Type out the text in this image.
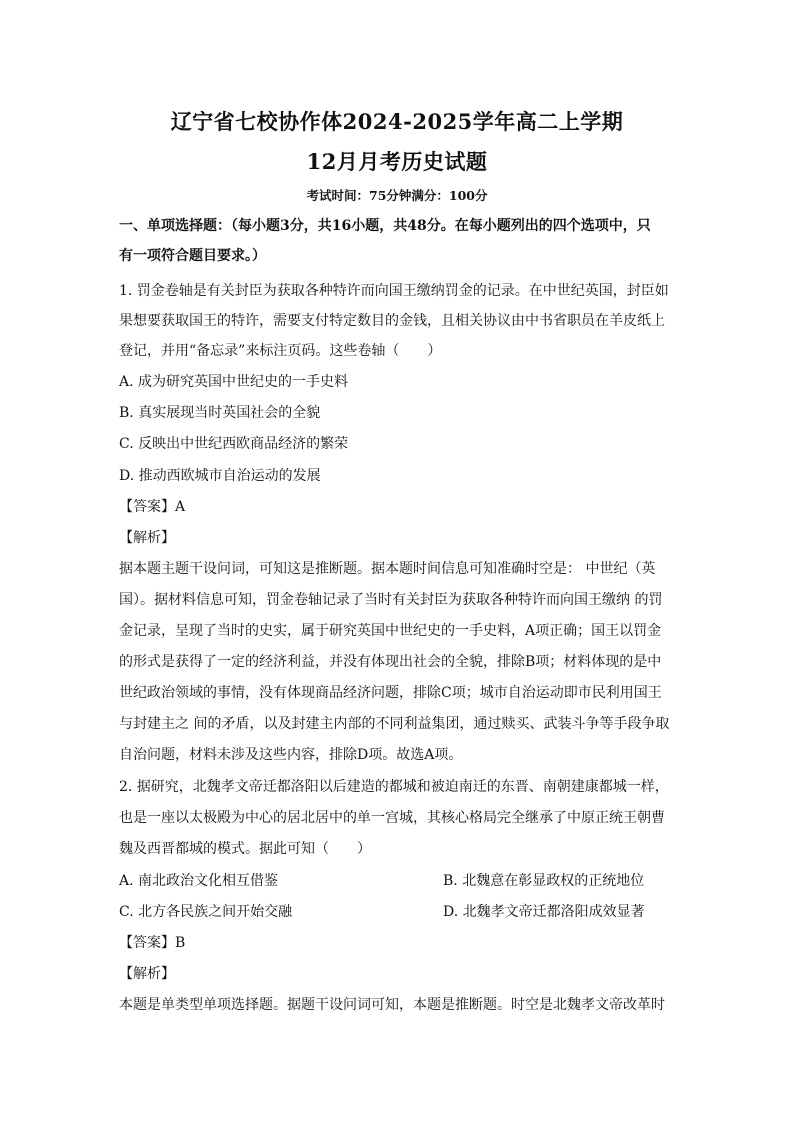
辽宁省七校协作体2024-2025学年高二上学期
12月月考历史试题
考试时间：75分钟满分：100分
一、单项选择题：（每小题3分，共16小题，共48分。在每小题列出的四个选项中，只
有一项符合题目要求。）
1. 罚金卷轴是有关封臣为获取各种特许而向国王缴纳罚金的记录。在中世纪英国，封臣如
果想要获取国王的特许，需要支付特定数目的金钱，且相关协议由中书省职员在羊皮纸上
登记，并用“备忘录”来标注页码。这些卷轴（　　）
A. 成为研究英国中世纪史的一手史料
B. 真实展现当时英国社会的全貌
C. 反映出中世纪西欧商品经济的繁荣
D. 推动西欧城市自治运动的发展
【答案】A
【解析】
据本题主题干设问词，可知这是推断题。据本题时间信息可知准确时空是： 中世纪（英
国）。据材料信息可知，罚金卷轴记录了当时有关封臣为获取各种特许而向国王缴纳 的罚
金记录，呈现了当时的史实，属于研究英国中世纪史的一手史料，A项正确；国王以罚金
的形式是获得了一定的经济利益，并没有体现出社会的全貌，排除B项；材料体现的是中
世纪政治领域的事情，没有体现商品经济问题，排除C项；城市自治运动即市民利用国王
与封建主之 间的矛盾，以及封建主内部的不同利益集团，通过赎买、武装斗争等手段争取
自治问题，材料未涉及这些内容，排除D项。故选A项。
2. 据研究，北魏孝文帝迁都洛阳以后建造的都城和被迫南迁的东晋、南朝建康都城一样，
也是一座以太极殿为中心的居北居中的单一宫城，其核心格局完全继承了中原正统王朝曹
魏及西晋都城的模式。据此可知（　　）
A. 南北政治文化相互借鉴	B. 北魏意在彰显政权的正统地位
C. 北方各民族之间开始交融	D. 北魏孝文帝迁都洛阳成效显著
【答案】B
【解析】
本题是单类型单项选择题。据题干设问词可知，本题是推断题。时空是北魏孝文帝改革时
